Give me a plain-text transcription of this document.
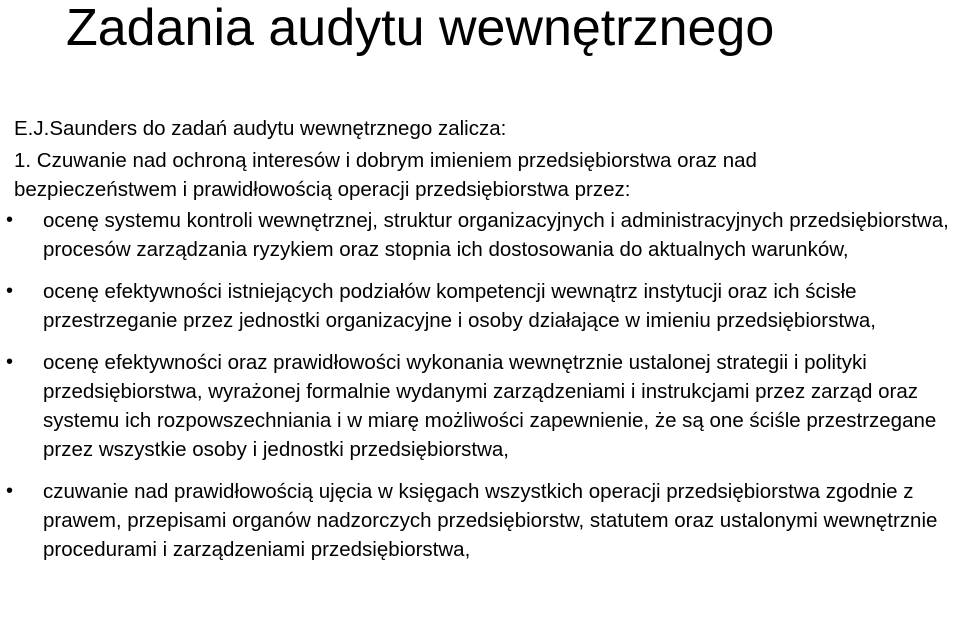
Zadania audytu wewnętrznego

E.J.Saunders do zadań audytu wewnętrznego zalicza:

1. Czuwanie nad ochroną interesów i dobrym imieniem przedsiębiorstwa oraz nad bezpieczeństwem i prawidłowością operacji przedsiębiorstwa przez:

• ocenę systemu kontroli wewnętrznej, struktur organizacyjnych i administracyjnych przedsiębiorstwa, procesów zarządzania ryzykiem oraz stopnia ich dostosowania do aktualnych warunków,
• ocenę efektywności istniejących podziałów kompetencji wewnątrz instytucji oraz ich ścisłe przestrzeganie przez jednostki organizacyjne i osoby działające w imieniu przedsiębiorstwa,
• ocenę efektywności oraz prawidłowości wykonania wewnętrznie ustalonej strategii i polityki przedsiębiorstwa, wyrażonej formalnie wydanymi zarządzeniami i instrukcjami przez zarząd oraz systemu ich rozpowszechniania i w miarę możliwości zapewnienie, że są one ściśle przestrzegane przez wszystkie osoby i jednostki przedsiębiorstwa,
• czuwanie nad prawidłowością ujęcia w księgach wszystkich operacji przedsiębiorstwa zgodnie z prawem, przepisami organów nadzorczych przedsiębiorstw, statutem oraz ustalonymi wewnętrznie procedurami i zarządzeniami przedsiębiorstwa,
